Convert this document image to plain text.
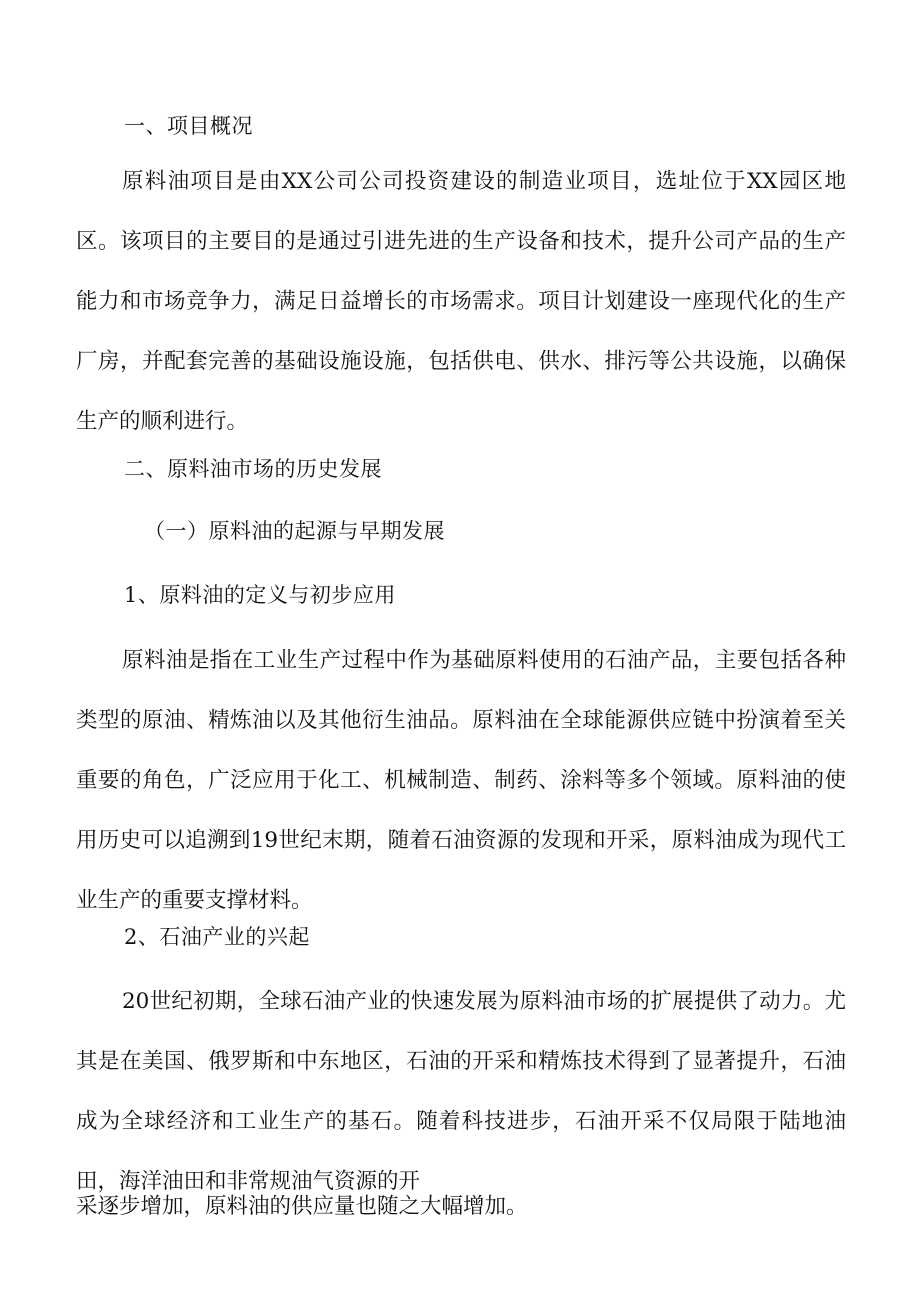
一、项目概况

原料油项目是由XX公司公司投资建设的制造业项目，选址位于XX园区地区。该项目的主要目的是通过引进先进的生产设备和技术，提升公司产品的生产能力和市场竞争力，满足日益增长的市场需求。项目计划建设一座现代化的生产厂房，并配套完善的基础设施设施，包括供电、供水、排污等公共设施，以确保生产的顺利进行。

二、原料油市场的历史发展
（一）原料油的起源与早期发展
1、原料油的定义与初步应用

原料油是指在工业生产过程中作为基础原料使用的石油产品，主要包括各种类型的原油、精炼油以及其他衍生油品。原料油在全球能源供应链中扮演着至关重要的角色，广泛应用于化工、机械制造、制药、涂料等多个领域。原料油的使用历史可以追溯到19世纪末期，随着石油资源的发现和开采，原料油成为现代工业生产的重要支撑材料。

2、石油产业的兴起

20世纪初期，全球石油产业的快速发展为原料油市场的扩展提供了动力。尤其是在美国、俄罗斯和中东地区，石油的开采和精炼技术得到了显著提升，石油成为全球经济和工业生产的基石。随着科技进步，石油开采不仅局限于陆地油田，海洋油田和非常规油气资源的开

采逐步增加，原料油的供应量也随之大幅增加。
